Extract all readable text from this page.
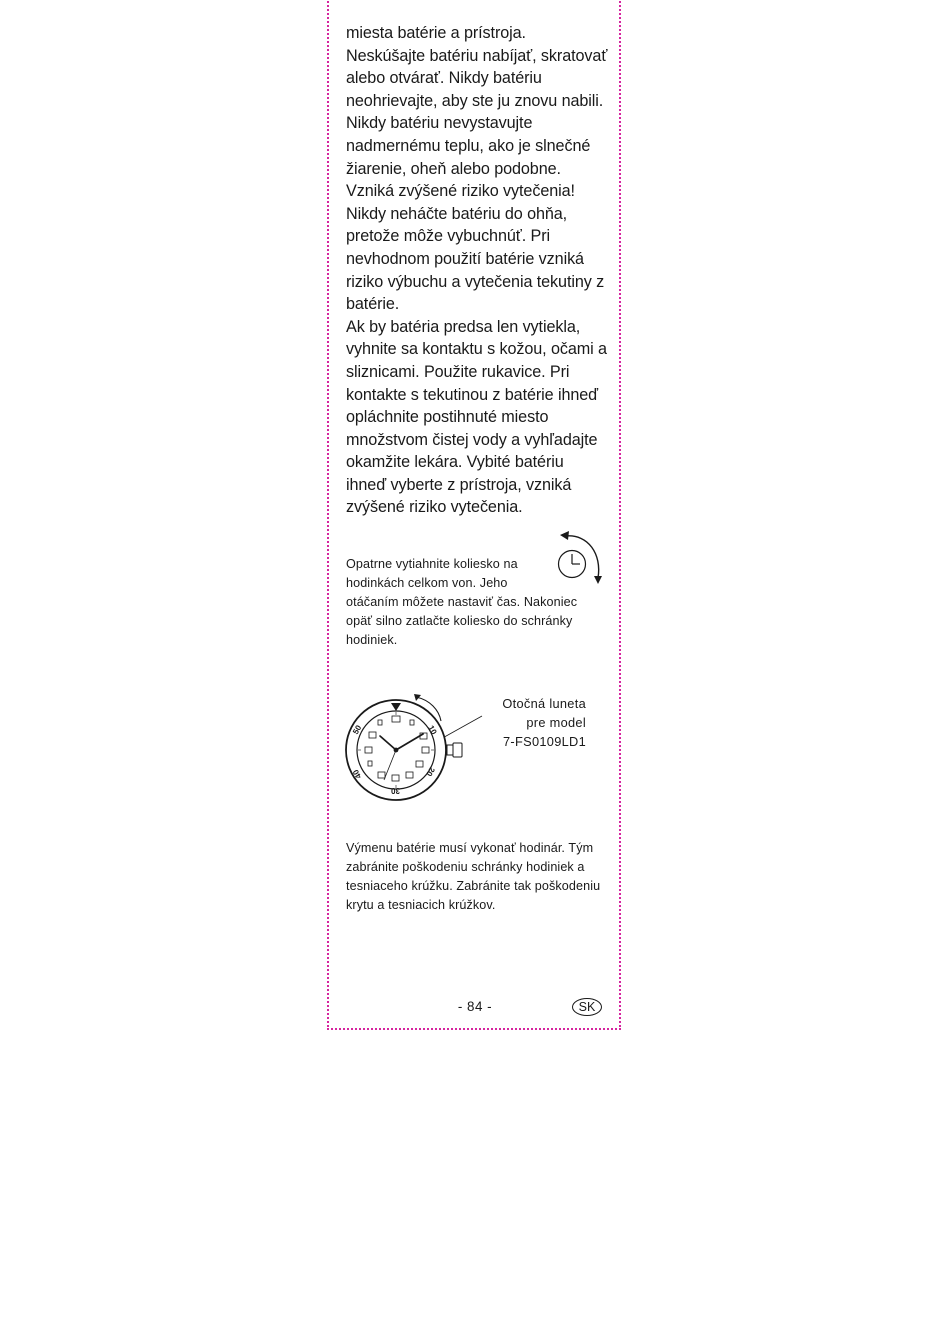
miesta batérie a prístroja. Neskúšajte batériu nabíjať, skratovať alebo otvárať. Nikdy batériu neohrievajte, aby ste ju znovu nabili. Nikdy batériu nevystavujte nadmernému teplu, ako je slnečné žiarenie, oheň alebo podobne. Vzniká zvýšené riziko vytečenia! Nikdy neháčte batériu do ohňa, pretože môže vybuchnúť. Pri nevhodnom použití batérie vzniká riziko výbuchu a vytečenia tekutiny z batérie.

Ak by batéria predsa len vytiekla, vyhnite sa kontaktu s kožou, očami a sliznicami. Použite rukavice. Pri kontakte s tekutinou z batérie ihneď opláchnite postihnuté miesto množstvom čistej vody a vyhľadajte okamžite lekára. Vybité batériu ihneď vyberte z prístroja, vzniká zvýšené riziko vytečenia.

Opatrne vytiahnite koliesko na
hodinkách celkom von. Jeho
otáčaním môžete nastaviť čas. Nakoniec opäť silno zatlačte koliesko do schránky hodiniek.
10
20
30
40
50
Otočná luneta
pre model
7-FS0109LD1

Výmenu batérie musí vykonať hodinár. Tým zabránite poškodeniu schránky hodiniek a tesniaceho krúžku. Zabránite tak poškodeniu krytu a tesniacich krúžkov.

- 84 -	SK
